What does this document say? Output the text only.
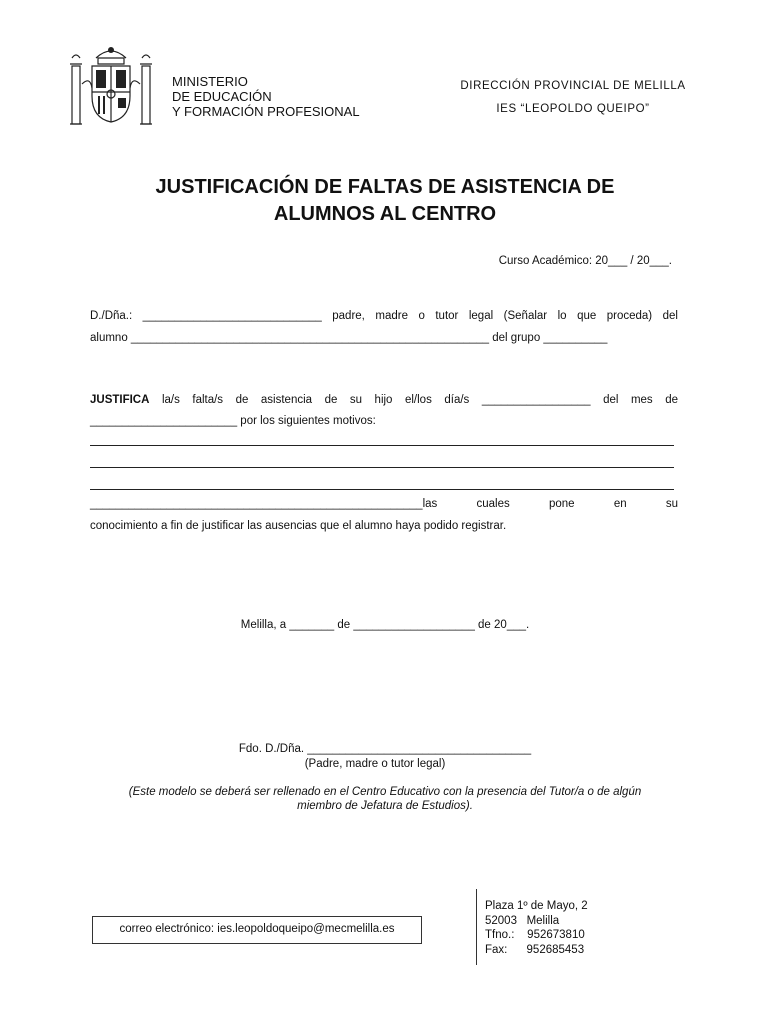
MINISTERIO
DE EDUCACIÓN
Y FORMACIÓN PROFESIONAL
DIRECCIÓN PROVINCIAL DE MELILLA
IES “LEOPOLDO QUEIPO”
JUSTIFICACIÓN DE FALTAS DE ASISTENCIA DE
ALUMNOS AL CENTRO
Curso Académico: 20___ / 20___.
D./Dña.: ____________________________ padre, madre o tutor legal (Señalar lo que proceda) del
alumno ________________________________________________________ del grupo __________
JUSTIFICA la/s falta/s de asistencia de su hijo el/los día/s _________________ del mes de
_______________________ por los siguientes motivos:
____________________________________________________las cuales pone en su
conocimiento a fin de justificar las ausencias que el alumno haya podido registrar.
Melilla, a _______ de ___________________ de 20___.
Fdo. D./Dña. ___________________________________
(Padre, madre o tutor legal)
(Este modelo se deberá ser rellenado en el Centro Educativo con la presencia del Tutor/a o de algún
miembro de Jefatura de Estudios).
correo electrónico: ies.leopoldoqueipo@mecmelilla.es
Plaza 1º de Mayo, 2
52003   Melilla
Tfno.:    952673810
Fax:      952685453
